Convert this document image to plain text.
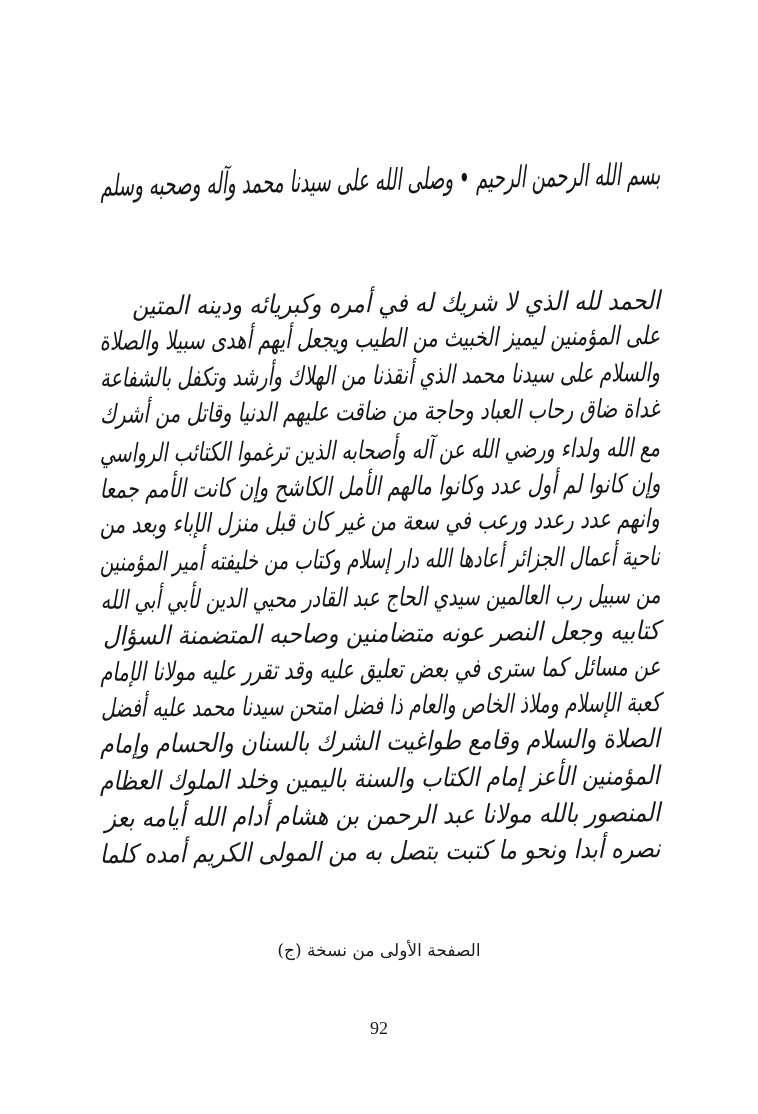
بسم الله الرحمن الرحيم • وصلى الله على سيدنا محمد وآله وصحبه وسلم
الحمد لله الذي لا شريك له في أمره وكبريائه ودينه المتين
على المؤمنين ليميز الخبيث من الطيب ويجعل أيهم أهدى سبيلا والصلاة
والسلام على سيدنا محمد الذي أنقذنا من الهلاك وأرشد وتكفل بالشفاعة
غداة ضاق رحاب العباد وحاجة من ضاقت عليهم الدنيا وقاتل من أشرك
مع الله ولداء ورضي الله عن آله وأصحابه الذين ترغموا الكتائب الرواسي
وإن كانوا لم أول عدد وكانوا مالهم الأمل الكاشح وإن كانت الأمم جمعا
وانهم عدد رعدد ورعب في سعة من غير كان قبل منزل الإباء وبعد من
ناحية أعمال الجزائر أعادها الله دار إسلام وكتاب من خليفته أمير المؤمنين
من سبيل رب العالمين سيدي الحاج عبد القادر محيي الدين لأبي أبي الله
كتابيه وجعل النصر عونه متضامنين وصاحبه المتضمنة السؤال
عن مسائل كما سترى في بعض تعليق عليه وقد تقرر عليه مولانا الإمام
كعبة الإسلام وملاذ الخاص والعام ذا فضل امتحن سيدنا محمد عليه أفضل
الصلاة والسلام وقامع طواغيت الشرك بالسنان والحسام وإمام
المؤمنين الأعز إمام الكتاب والسنة باليمين وخلد الملوك العظام
المنصور بالله مولانا عبد الرحمن بن هشام أدام الله أيامه بعز
نصره أبدا ونحو ما كتبت بتصل به من المولى الكريم أمده كلما
الصفحة الأولى من نسخة (ج)
92
